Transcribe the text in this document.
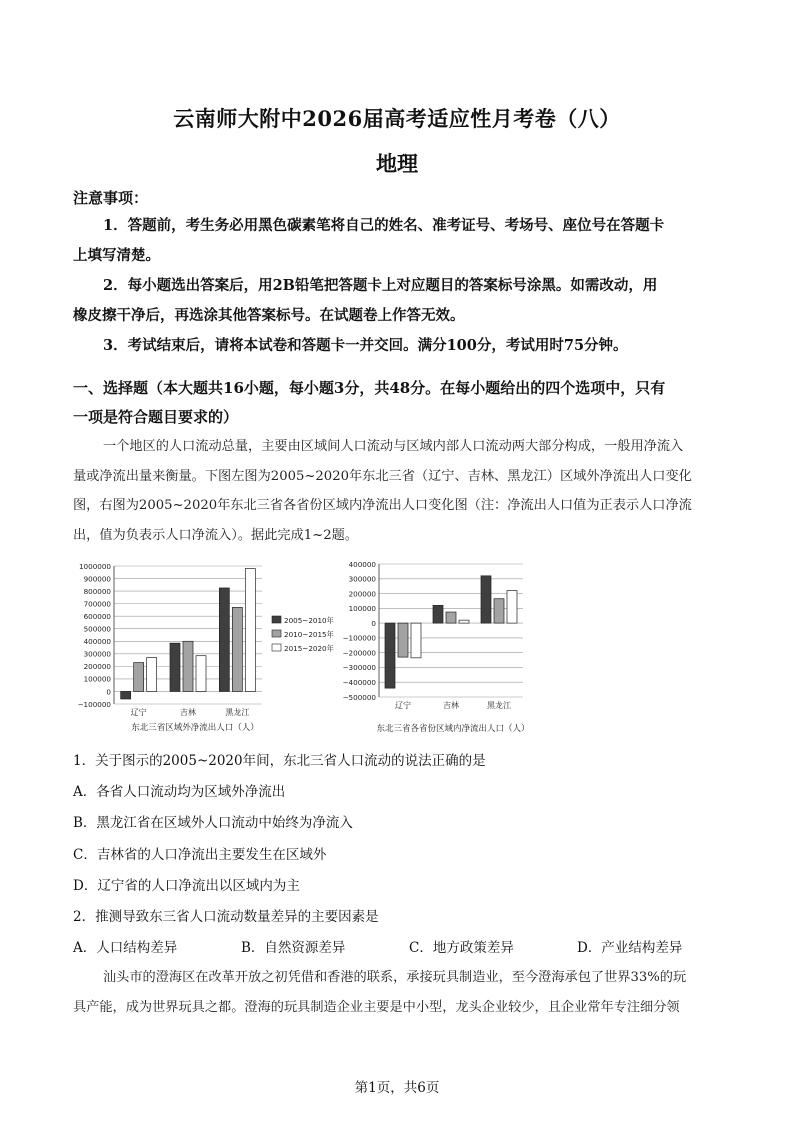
云南师大附中2026届高考适应性月考卷（八）
地理
注意事项：
1．答题前，考生务必用黑色碳素笔将自己的姓名、准考证号、考场号、座位号在答题卡
上填写清楚。
2．每小题选出答案后，用2B铅笔把答题卡上对应题目的答案标号涂黑。如需改动，用
橡皮擦干净后，再选涂其他答案标号。在试题卷上作答无效。
3．考试结束后，请将本试卷和答题卡一并交回。满分100分，考试用时75分钟。
一、选择题（本大题共16小题，每小题3分，共48分。在每小题给出的四个选项中，只有
一项是符合题目要求的）
一个地区的人口流动总量，主要由区域间人口流动与区域内部人口流动两大部分构成，一般用净流入
量或净流出量来衡量。下图左图为2005~2020年东北三省（辽宁、吉林、黑龙江）区域外净流出人口变化
图，右图为2005~2020年东北三省各省份区域内净流出人口变化图（注：净流出人口值为正表示人口净流
出，值为负表示人口净流入）。据此完成1~2题。
1000000
900000
800000
700000
600000
500000
400000
300000
200000
100000
0
−100000
辽宁	吉林	黑龙江
东北三省区域外净流出人口（人）
2005~2010年
2010~2015年
2015~2020年
400000
300000
200000
100000
0
−100000
−200000
−300000
−400000
−500000
辽宁	吉林	黑龙江
东北三省各省份区域内净流出人口（人）
1．关于图示的2005~2020年间，东北三省人口流动的说法正确的是
A．各省人口流动均为区域外净流出
B．黑龙江省在区域外人口流动中始终为净流入
C．吉林省的人口净流出主要发生在区域外
D．辽宁省的人口净流出以区域内为主
2．推测导致东三省人口流动数量差异的主要因素是
A．人口结构差异	B．自然资源差异	C．地方政策差异	D．产业结构差异
汕头市的澄海区在改革开放之初凭借和香港的联系，承接玩具制造业，至今澄海承包了世界33%的玩
具产能，成为世界玩具之都。澄海的玩具制造企业主要是中小型，龙头企业较少，且企业常年专注细分领
第1页，共6页
